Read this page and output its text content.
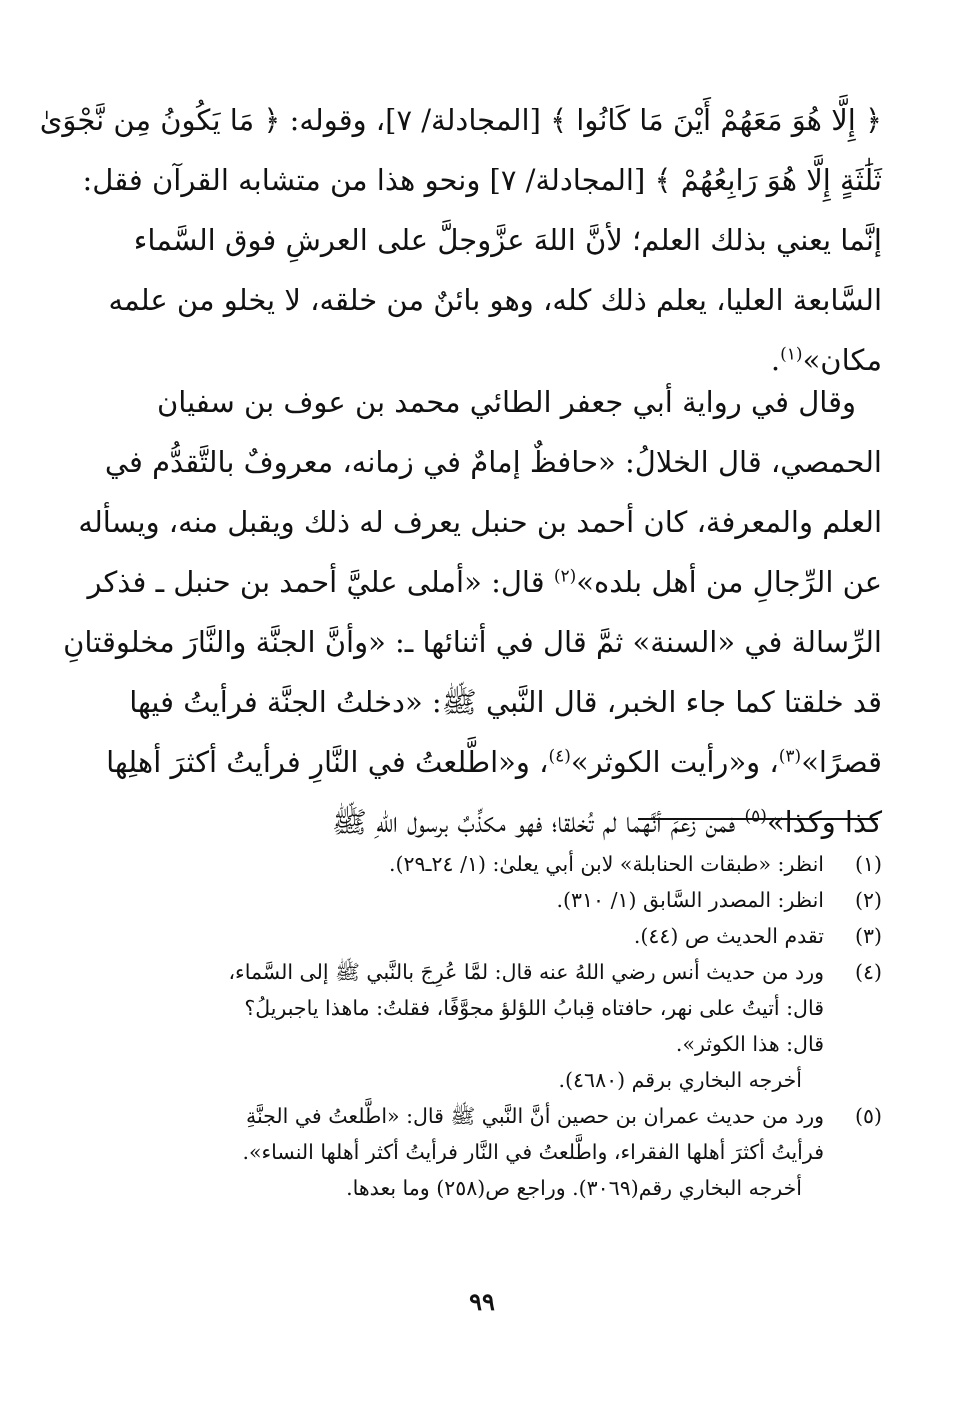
﴿ إِلَّا هُوَ مَعَهُمْ أَيْنَ مَا كَانُوا ﴾ [المجادلة/ ٧]، وقوله: ﴿ مَا يَكُونُ مِن نَّجْوَىٰ
ثَلَٰثَةٍ إِلَّا هُوَ رَابِعُهُمْ ﴾ [المجادلة/ ٧] ونحو هذا من متشابه القرآن فقل:
إنَّما يعني بذلك العلم؛ لأنَّ اللهَ عزَّوجلَّ على العرشِ فوق السَّماء
السَّابعة العليا، يعلم ذلك كله، وهو بائنٌ من خلقه، لا يخلو من علمه
مكان»$^{(١)}$.
وقال في رواية أبي جعفر الطائي محمد بن عوف بن سفيان
الحمصي، قال الخلالُ: «حافظٌ إمامٌ في زمانه، معروفٌ بالتَّقدُّم في
العلم والمعرفة، كان أحمد بن حنبل يعرف له ذلك ويقبل منه، ويسأله
عن الرِّجالِ من أهل بلده»$^{(٢)}$ قال: «أملى عليَّ أحمد بن حنبل ـ فذكر
الرِّسالة في «السنة» ثمَّ قال في أثنائها ـ: «وأنَّ الجنَّة والنَّارَ مخلوقتانِ
قد خلقتا كما جاء الخبر، قال النَّبي ﷺ: «دخلتُ الجنَّة فرأيتُ فيها
قصرًا»$^{(٣)}$، و«رأيت الكوثر»$^{(٤)}$، و«اطَّلعتُ في النَّارِ فرأيتُ أكثرَ أهلِها
كذا وكذا»$^{(٥)}$ فمن زعمَ أنَّهما لم تُخلقا؛ فهو مكذِّبٌ برسول اللهِ ﷺ
(١)
انظر: «طبقات الحنابلة» لابن أبي يعلىٰ: (١/ ٢٤ـ٢٩).
(٢)
انظر: المصدر السَّابق (١/ ٣١٠).
(٣)
تقدم الحديث ص (٤٤).
(٤)
ورد من حديث أنس رضي اللهُ عنه قال: لمَّا عُرِجَ بالنَّبي ﷺ إلى السَّماء،
قال: أتيتُ على نهر، حافتاه قِبابُ اللؤلؤ مجوَّفًا، فقلتُ: ماهذا ياجبريلُ؟
قال: هذا الكوثر».
أخرجه البخاري برقم (٤٦٨٠).
(٥)
ورد من حديث عمران بن حصين أنَّ النَّبي ﷺ قال: «اطَّلعتُ في الجنَّةِ
فرأيتُ أكثرَ أهلها الفقراء، واطَّلعتُ في النَّار فرأيتُ أكثر أهلها النساء».
أخرجه البخاري رقم(٣٠٦٩). وراجع ص(٢٥٨) وما بعدها.
٩٩
